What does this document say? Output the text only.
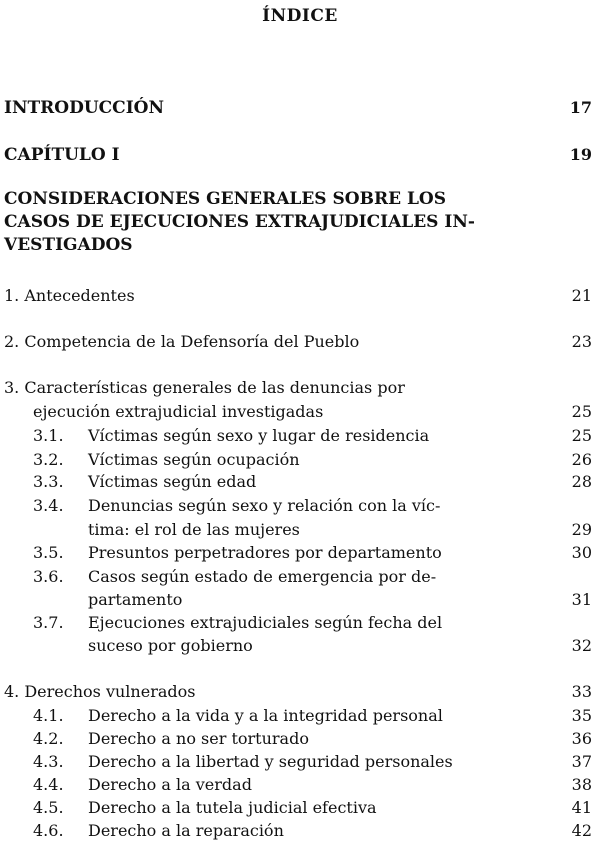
ÍNDICE
INTRODUCCIÓN	17
CAPÍTULO I	19
CONSIDERACIONES GENERALES SOBRE LOS
CASOS DE EJECUCIONES EXTRAJUDICIALES IN-
VESTIGADOS
1. Antecedentes	21
2. Competencia de la Defensoría del Pueblo	23
3. Características generales de las denuncias por
ejecución extrajudicial investigadas	25
3.1. Víctimas según sexo y lugar de residencia	25
3.2. Víctimas según ocupación	26
3.3. Víctimas según edad	28
3.4. Denuncias según sexo y relación con la víc-
tima: el rol de las mujeres	29
3.5. Presuntos perpetradores por departamento	30
3.6. Casos según estado de emergencia por de-
partamento	31
3.7. Ejecuciones extrajudiciales según fecha del
suceso por gobierno	32
4. Derechos vulnerados	33
4.1. Derecho a la vida y a la integridad personal	35
4.2. Derecho a no ser torturado	36
4.3. Derecho a la libertad y seguridad personales	37
4.4. Derecho a la verdad	38
4.5. Derecho a la tutela judicial efectiva	41
4.6. Derecho a la reparación	42
